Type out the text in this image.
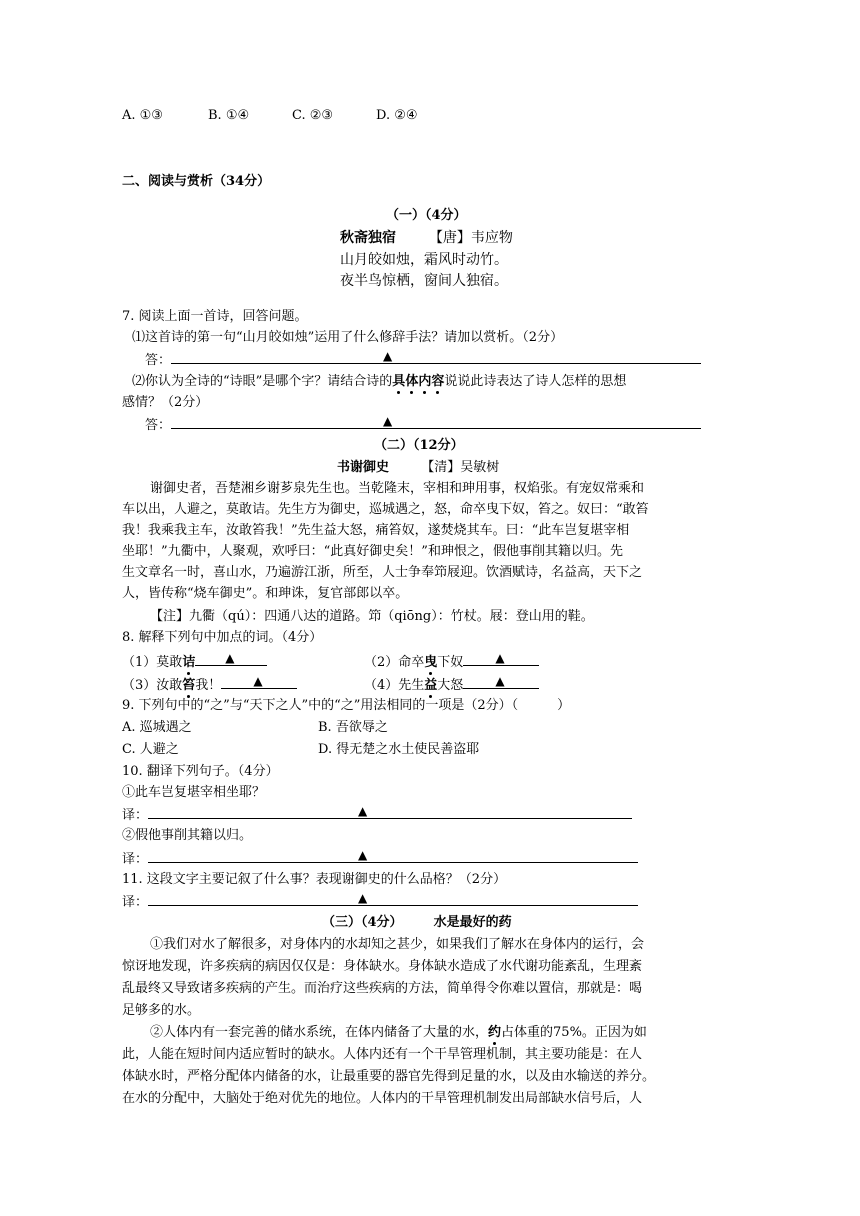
A. ①③	B. ①④	C. ②③	D. ②④
二、阅读与赏析（34分）
（一）（4分）
秋斋独宿 【唐】韦应物
山月皎如烛，霜风时动竹。
夜半鸟惊栖，窗间人独宿。
7. 阅读上面一首诗，回答问题。
⑴这首诗的第一句“山月皎如烛”运用了什么修辞手法？请加以赏析。（2分）
答：	▲
⑵你认为全诗的“诗眼”是哪个字？请结合诗的具体内容说说此诗表达了诗人怎样的思想
感情？（2分）
答：	▲
（二）（12分）
书谢御史 【清】吴敏树
谢御史者，吾楚湘乡谢芗泉先生也。当乾隆末，宰相和珅用事，权焰张。有宠奴常乘和
车以出，人避之，莫敢诘。先生方为御史，巡城遇之，怒，命卒曳下奴，笞之。奴曰：“敢笞
我！我乘我主车，汝敢笞我！”先生益大怒，痛笞奴，遂焚烧其车。曰：“此车岂复堪宰相
坐耶！”九衢中，人聚观，欢呼曰：“此真好御史矣！”和珅恨之，假他事削其籍以归。先
生文章名一时，喜山水，乃遍游江浙，所至，人士争奉笻屐迎。饮酒赋诗，名益高，天下之
人，皆传称“烧车御史”。和珅诛，复官部郎以卒。
【注】九衢（qú）：四通八达的道路。笻（qiōng）：竹杖。屐：登山用的鞋。
8. 解释下列句中加点的词。（4分）
（1）莫敢诘	▲	（2）命卒曳下奴	▲
（3）汝敢笞我！	▲	（4）先生益大怒	▲
9. 下列句中的“之”与“天下之人”中的“之”用法相同的一项是（2分）（　　　）
A. 巡城遇之	B. 吾欲辱之
C. 人避之	D. 得无楚之水土使民善盗耶
10. 翻译下列句子。（4分）
①此车岂复堪宰相坐耶？
译：	▲
②假他事削其籍以归。
译：	▲
11. 这段文字主要记叙了什么事？表现谢御史的什么品格？（2分）
译：	▲
（三）（4分） 水是最好的药
①我们对水了解很多，对身体内的水却知之甚少，如果我们了解水在身体内的运行，会
惊讶地发现，许多疾病的病因仅仅是：身体缺水。身体缺水造成了水代谢功能紊乱，生理紊
乱最终又导致诸多疾病的产生。而治疗这些疾病的方法，简单得令你难以置信，那就是：喝
足够多的水。
②人体内有一套完善的储水系统，在体内储备了大量的水，约占体重的75%。正因为如
此，人能在短时间内适应暂时的缺水。人体内还有一个干旱管理机制，其主要功能是：在人
体缺水时，严格分配体内储备的水，让最重要的器官先得到足量的水，以及由水输送的养分。
在水的分配中，大脑处于绝对优先的地位。人体内的干旱管理机制发出局部缺水信号后，人
